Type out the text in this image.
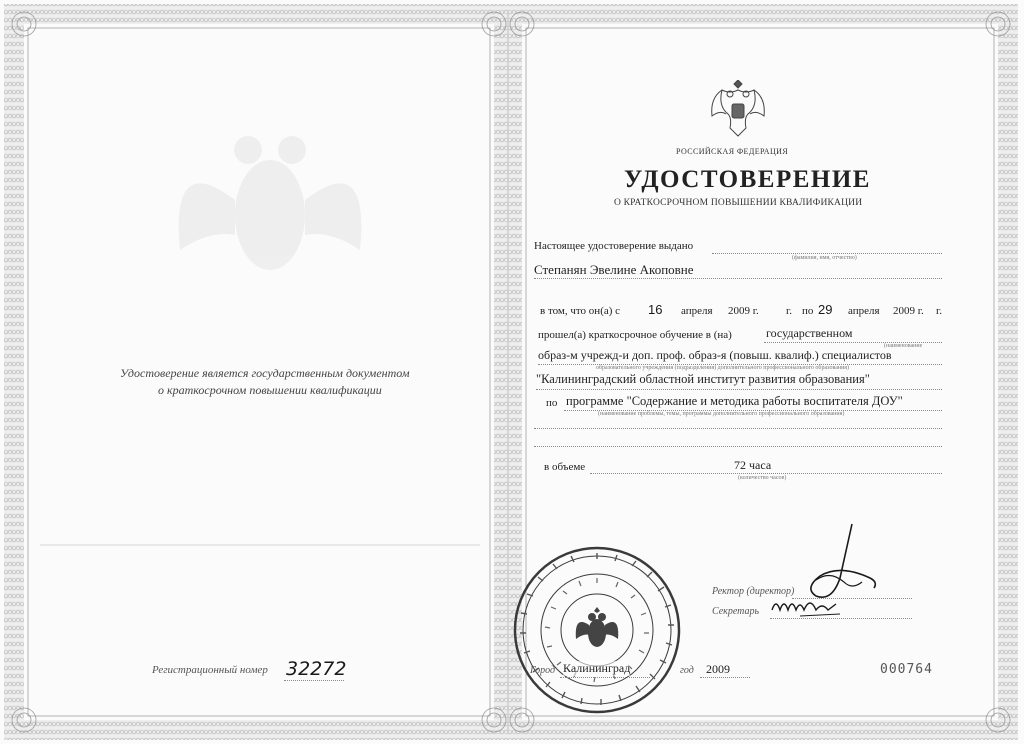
Удостоверение является государственным документом
о краткосрочном повышении квалификации
Регистрационный номер 32272
РОССИЙСКАЯ ФЕДЕРАЦИЯ
УДОСТОВЕРЕНИЕ
О КРАТКОСРОЧНОМ ПОВЫШЕНИИ КВАЛИФИКАЦИИ
Настоящее удостоверение выдано
(фамилия, имя, отчество)
Степанян Эвелине Акоповне
в том, что он(а) с 16 апреля 2009 г. г. по 29 апреля 2009 г. г.
прошел(а) краткосрочное обучение в (на)	государственном
(наименование
образ-м учрежд-и доп. проф. образ-я (повыш. квалиф.) специалистов
образовательного учреждения (подразделения) дополнительного профессионального образования)
"Калининградский областной институт развития образования"
по программе "Содержание и методика работы воспитателя ДОУ"
(наименование проблемы, темы, программы дополнительного профессионального образования)
в объеме	72 часа
(количество часов)
Ректор (директор)
Секретарь
Город Калининград	год 2009	000764
